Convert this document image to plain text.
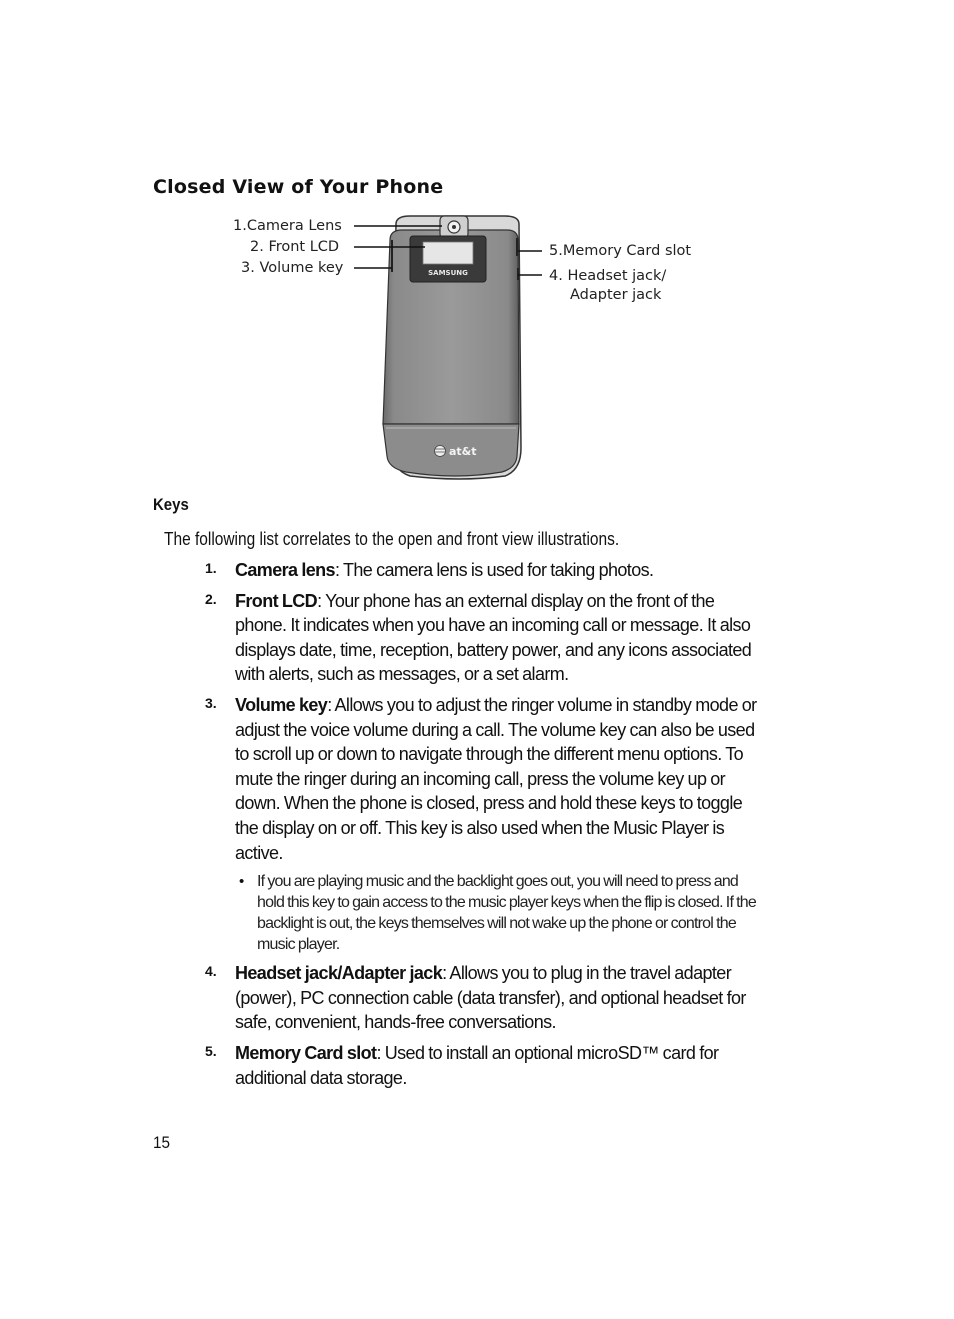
Closed View of Your Phone
SAMSUNG
at&t
1.Camera Lens
2. Front LCD
3. Volume key
5.Memory Card slot
4. Headset jack/
Adapter jack
Keys
The following list correlates to the open and front view illustrations.
1. Camera lens: The camera lens is used for taking photos.
2. Front LCD: Your phone has an external display on the front of the phone. It indicates when you have an incoming call or message. It also displays date, time, reception, battery power, and any icons associated with alerts, such as messages, or a set alarm.
3. Volume key: Allows you to adjust the ringer volume in standby mode or adjust the voice volume during a call. The volume key can also be used to scroll up or down to navigate through the different menu options. To mute the ringer during an incoming call, press the volume key up or down. When the phone is closed, press and hold these keys to toggle the display on or off. This key is also used when the Music Player is active.
• If you are playing music and the backlight goes out, you will need to press and hold this key to gain access to the music player keys when the flip is closed. If the backlight is out, the keys themselves will not wake up the phone or control the music player.
4. Headset jack/Adapter jack: Allows you to plug in the travel adapter (power), PC connection cable (data transfer), and optional headset for safe, convenient, hands-free conversations.
5. Memory Card slot: Used to install an optional microSD™ card for additional data storage.
15
